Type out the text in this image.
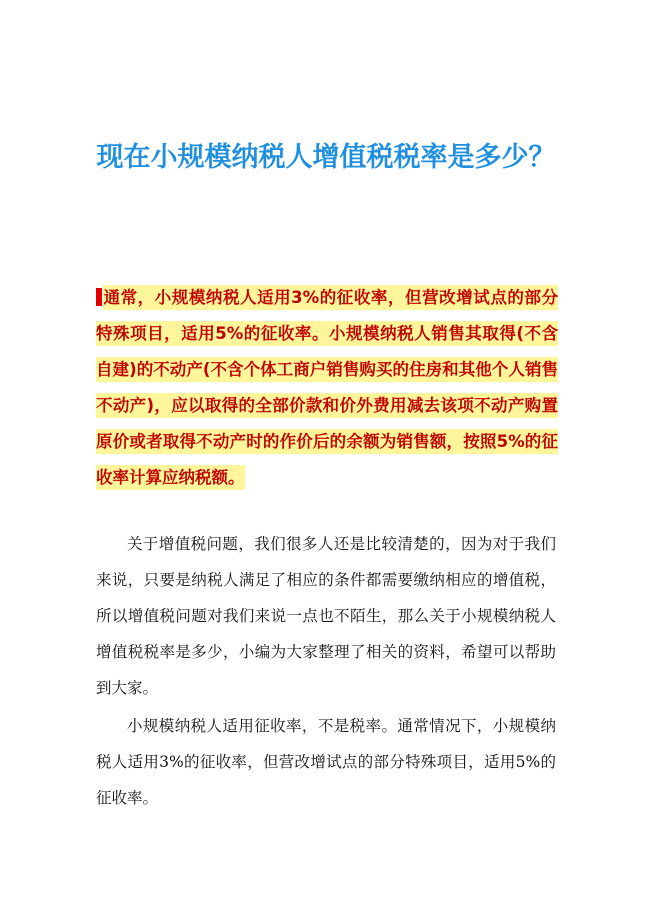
现在小规模纳税人增值税税率是多少？

通常，小规模纳税人适用3%的征收率，但营改增试点的部分特殊项目，适用5%的征收率。小规模纳税人销售其取得(不含自建)的不动产(不含个体工商户销售购买的住房和其他个人销售不动产)，应以取得的全部价款和价外费用减去该项不动产购置原价或者取得不动产时的作价后的余额为销售额，按照5%的征收率计算应纳税额。

关于增值税问题，我们很多人还是比较清楚的，因为对于我们来说，只要是纳税人满足了相应的条件都需要缴纳相应的增值税，所以增值税问题对我们来说一点也不陌生，那么关于小规模纳税人增值税税率是多少，小编为大家整理了相关的资料，希望可以帮助到大家。

小规模纳税人适用征收率，不是税率。通常情况下，小规模纳税人适用3%的征收率，但营改增试点的部分特殊项目，适用5%的征收率。
